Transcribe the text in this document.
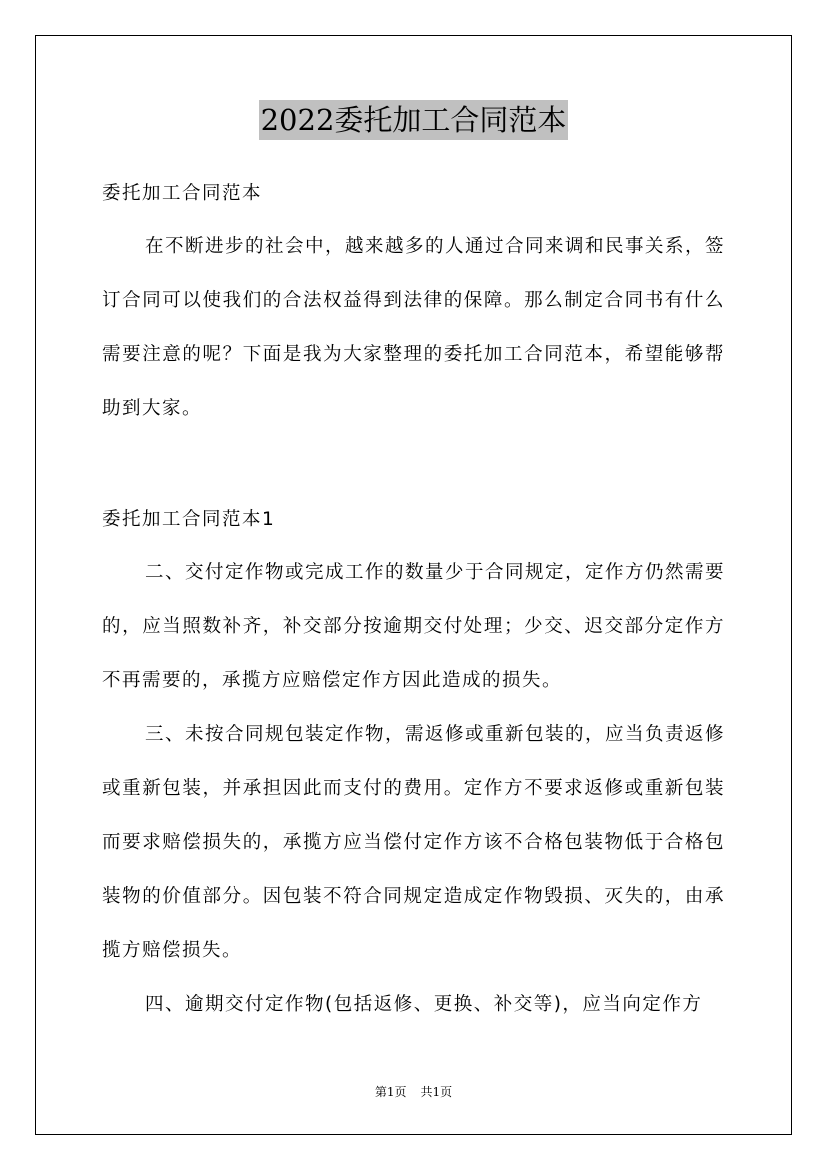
2022委托加工合同范本
委托加工合同范本

在不断进步的社会中，越来越多的人通过合同来调和民事关系，签订合同可以使我们的合法权益得到法律的保障。那么制定合同书有什么需要注意的呢？下面是我为大家整理的委托加工合同范本，希望能够帮助到大家。

委托加工合同范本1

二、交付定作物或完成工作的数量少于合同规定，定作方仍然需要的，应当照数补齐，补交部分按逾期交付处理；少交、迟交部分定作方不再需要的，承揽方应赔偿定作方因此造成的损失。

三、未按合同规包装定作物，需返修或重新包装的，应当负责返修或重新包装，并承担因此而支付的费用。定作方不要求返修或重新包装而要求赔偿损失的，承揽方应当偿付定作方该不合格包装物低于合格包装物的价值部分。因包装不符合同规定造成定作物毁损、灭失的，由承揽方赔偿损失。

四、逾期交付定作物(包括返修、更换、补交等)，应当向定作方

第1页 共1页
